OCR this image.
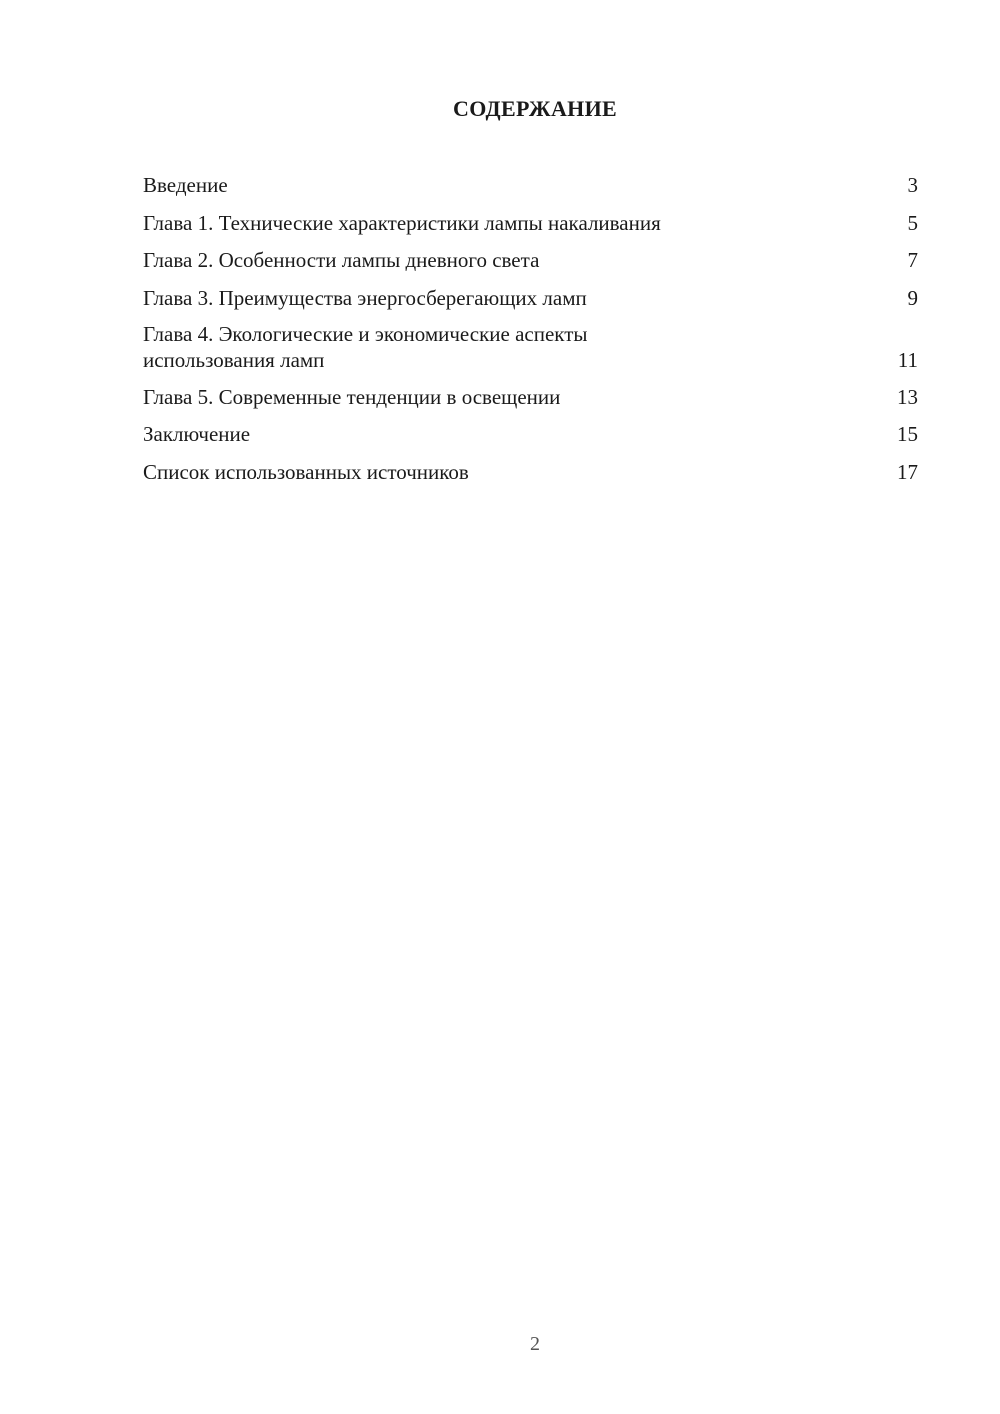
СОДЕРЖАНИЕ
Введение	3
Глава 1. Технические характеристики лампы накаливания	5
Глава 2. Особенности лампы дневного света	7
Глава 3. Преимущества энергосберегающих ламп	9
Глава 4. Экологические и экономические аспекты использования ламп	11
Глава 5. Современные тенденции в освещении	13
Заключение	15
Список использованных источников	17
2
